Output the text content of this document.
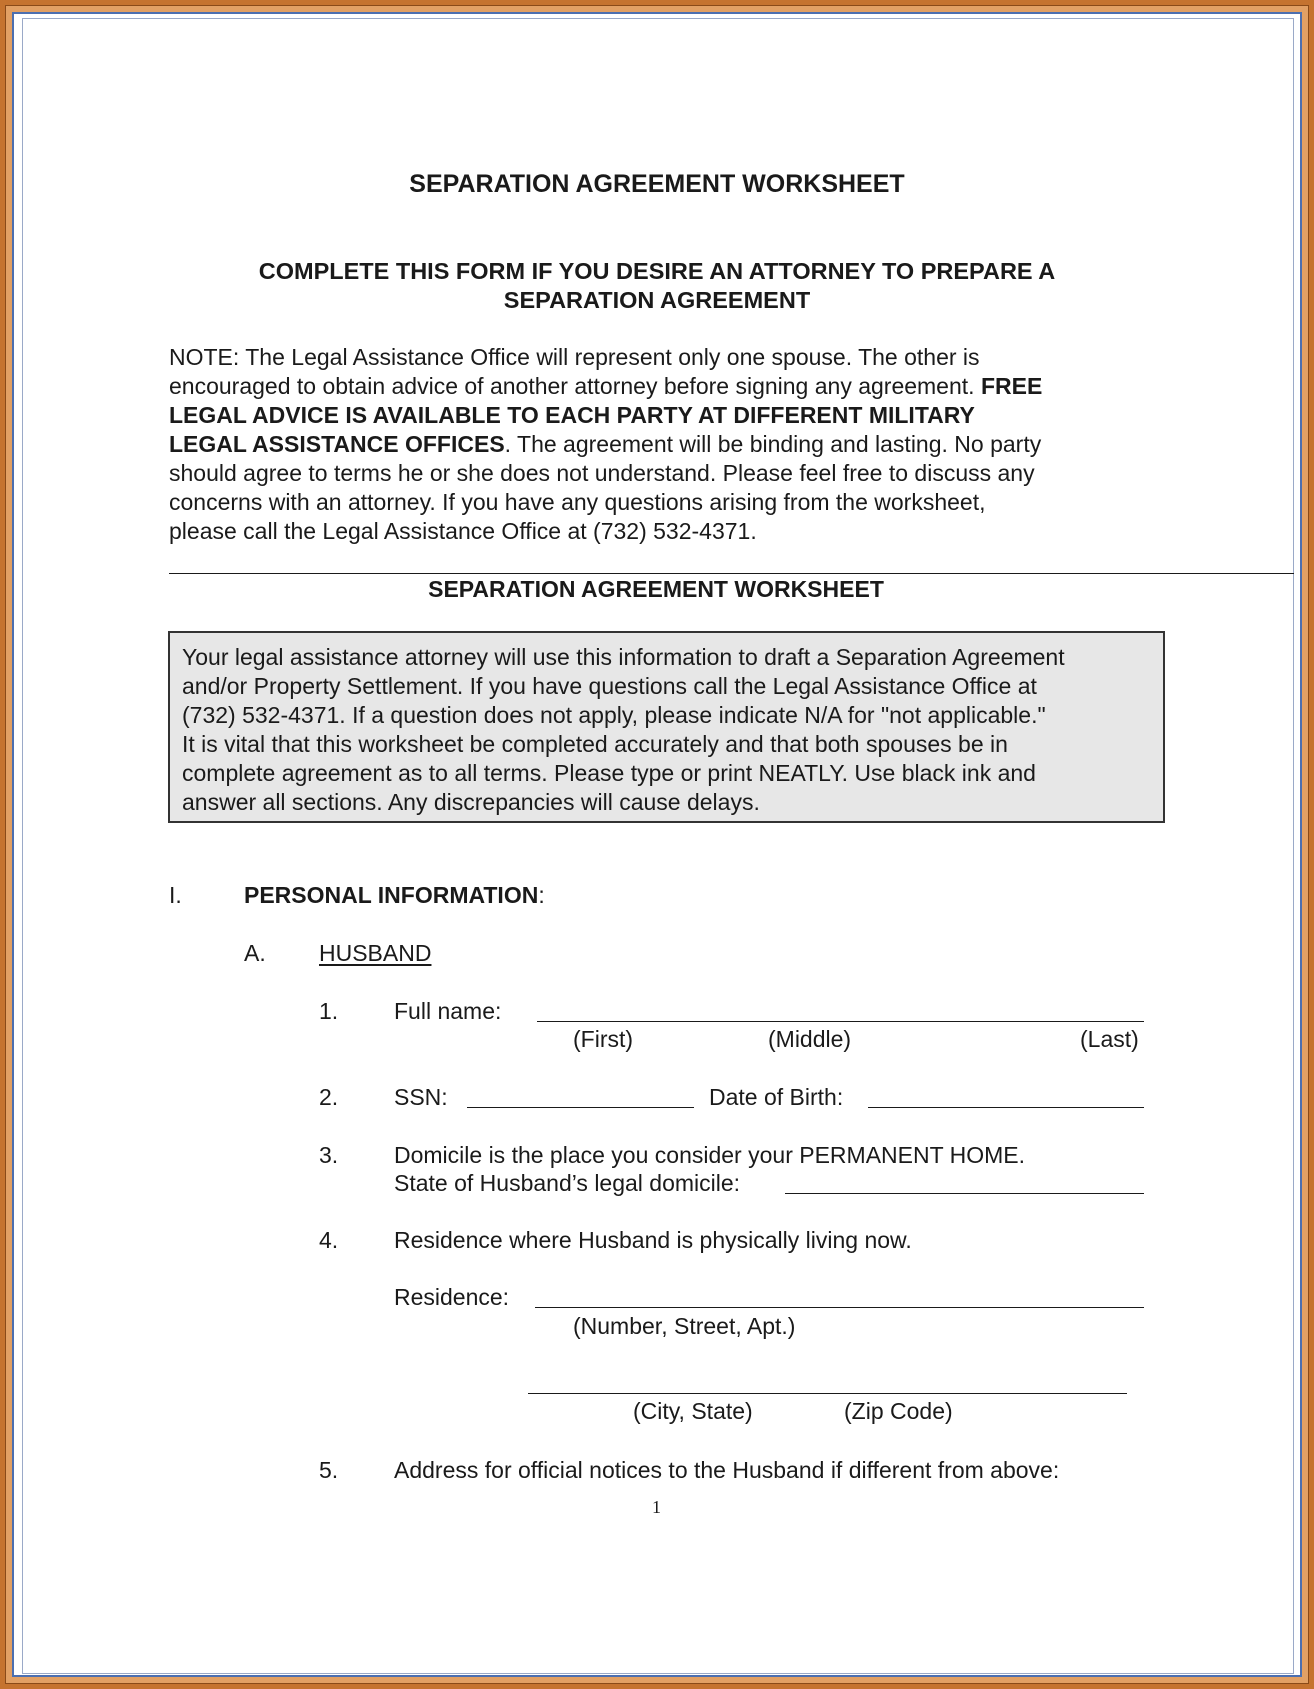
SEPARATION AGREEMENT WORKSHEET
COMPLETE THIS FORM IF YOU DESIRE AN ATTORNEY TO PREPARE A
SEPARATION AGREEMENT
NOTE: The Legal Assistance Office will represent only one spouse. The other is
encouraged to obtain advice of another attorney before signing any agreement. FREE
LEGAL ADVICE IS AVAILABLE TO EACH PARTY AT DIFFERENT MILITARY
LEGAL ASSISTANCE OFFICES. The agreement will be binding and lasting. No party
should agree to terms he or she does not understand. Please feel free to discuss any
concerns with an attorney. If you have any questions arising from the worksheet,
please call the Legal Assistance Office at (732) 532-4371.
SEPARATION AGREEMENT WORKSHEET
Your legal assistance attorney will use this information to draft a Separation Agreement
and/or Property Settlement. If you have questions call the Legal Assistance Office at
(732) 532-4371. If a question does not apply, please indicate N/A for "not applicable."
It is vital that this worksheet be completed accurately and that both spouses be in
complete agreement as to all terms. Please type or print NEATLY. Use black ink and
answer all sections. Any discrepancies will cause delays.
I.	PERSONAL INFORMATION:
A. HUSBAND
1. Full name:
(First)	(Middle)	(Last)
2. SSN:	Date of Birth:
3. Domicile is the place you consider your PERMANENT HOME.
State of Husband’s legal domicile:
4. Residence where Husband is physically living now.
Residence:
(Number, Street, Apt.)
(City, State)	(Zip Code)
5. Address for official notices to the Husband if different from above:
1
